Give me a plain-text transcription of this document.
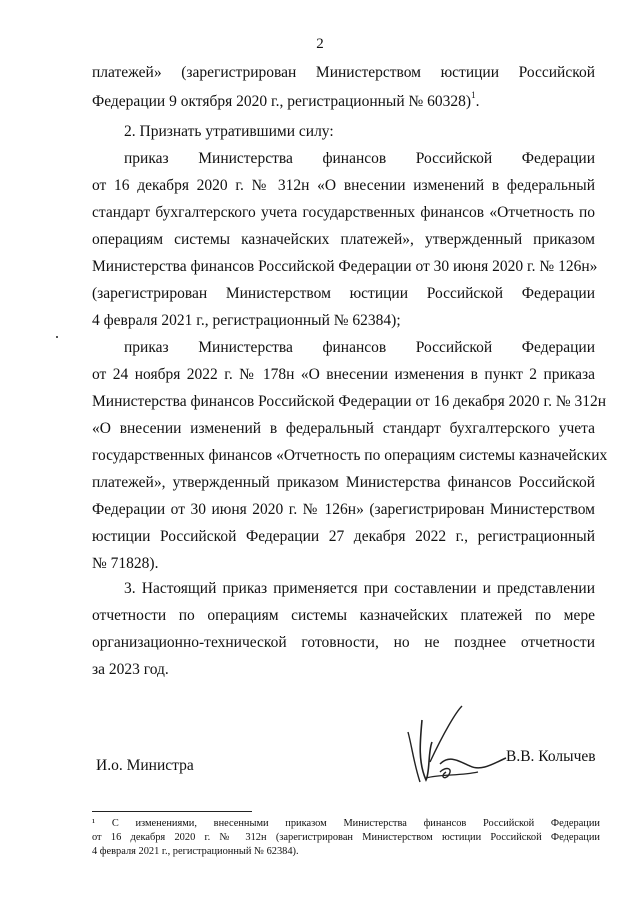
2
платежей» (зарегистрирован Министерством юстиции Российской
Федерации 9 октября 2020 г., регистрационный № 60328)$^1$.
2. Признать утратившими силу:
приказ Министерства финансов Российской Федерации
от 16 декабря 2020 г. № 312н «О внесении изменений в федеральный
стандарт бухгалтерского учета государственных финансов «Отчетность по
операциям системы казначейских платежей», утвержденный приказом
Министерства финансов Российской Федерации от 30 июня 2020 г. № 126н»
(зарегистрирован Министерством юстиции Российской Федерации
4 февраля 2021 г., регистрационный № 62384);
приказ Министерства финансов Российской Федерации
от 24 ноября 2022 г. № 178н «О внесении изменения в пункт 2 приказа
Министерства финансов Российской Федерации от 16 декабря 2020 г. № 312н
«О внесении изменений в федеральный стандарт бухгалтерского учета
государственных финансов «Отчетность по операциям системы казначейских
платежей», утвержденный приказом Министерства финансов Российской
Федерации от 30 июня 2020 г. № 126н» (зарегистрирован Министерством
юстиции Российской Федерации 27 декабря 2022 г., регистрационный
№ 71828).
3. Настоящий приказ применяется при составлении и представлении
отчетности по операциям системы казначейских платежей по мере
организационно-технической готовности, но не позднее отчетности
за 2023 год.
И.о. Министра
В.В. Колычев
¹ С изменениями, внесенными приказом Министерства финансов Российской Федерации
от 16 декабря 2020 г. № 312н (зарегистрирован Министерством юстиции Российской Федерации
4 февраля 2021 г., регистрационный № 62384).
